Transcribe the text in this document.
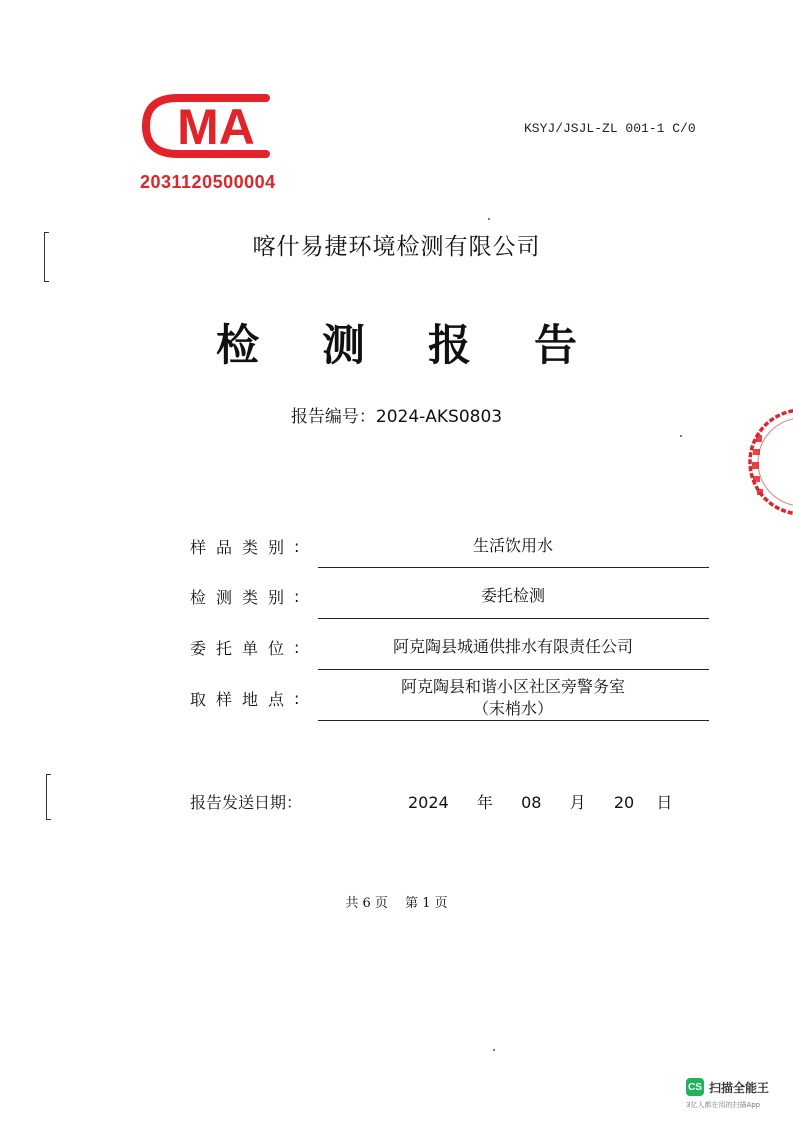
MA
2031120500004
KSYJ/JSJL-ZL 001-1 C/0
喀什易捷环境检测有限公司
检 测 报 告
报告编号：2024-AKS0803
样品类别 :	生活饮用水
检测类别 :	委托检测
委托单位 :	阿克陶县城通供排水有限责任公司
取样地点 :
阿克陶县和谐小区社区旁警务室
（末梢水）
报告发送日期：	2024 年 08 月 20 日
共 6 页　 第 1 页
CS 扫描全能王
3亿人都在用的扫描App
